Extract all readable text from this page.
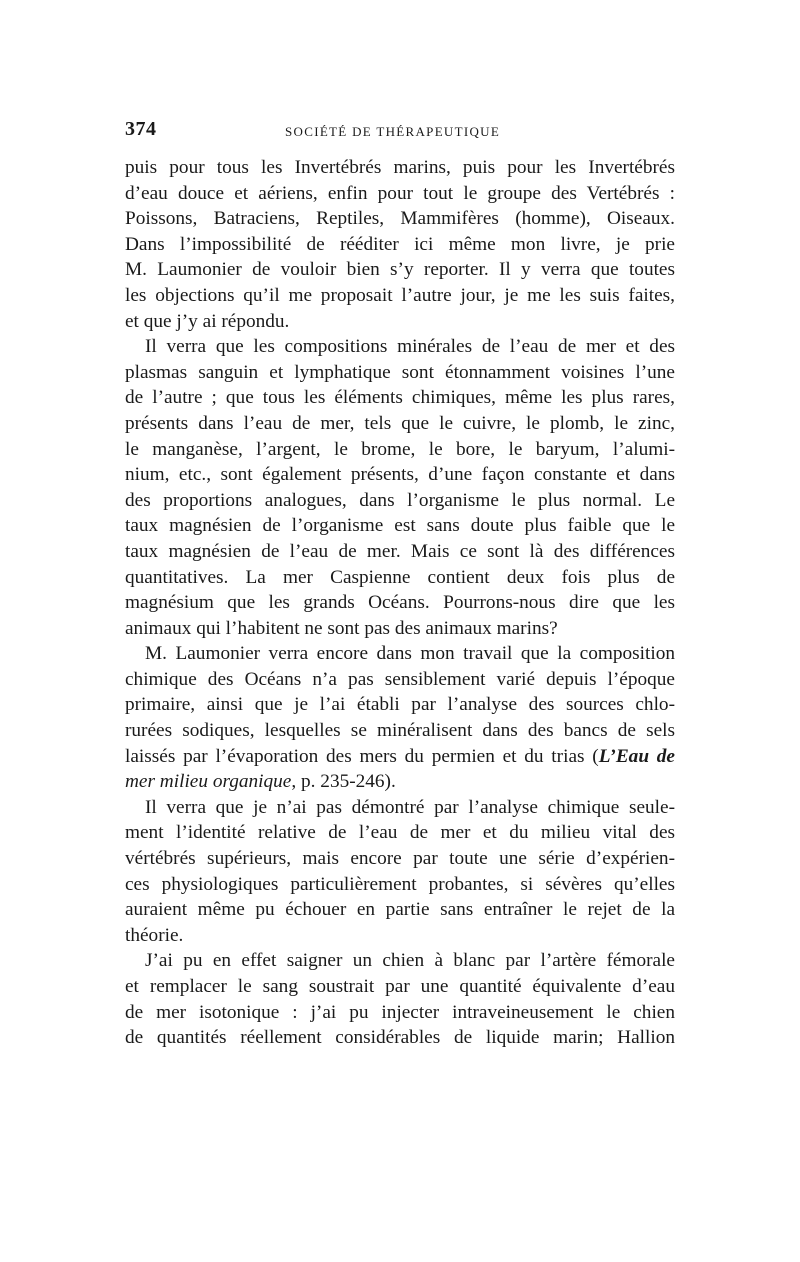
374	SOCIÉTÉ DE THÉRAPEUTIQUE
puis pour tous les Invertébrés marins, puis pour les Invertébrés
d’eau douce et aériens, enfin pour tout le groupe des Vertébrés :
Poissons, Batraciens, Reptiles, Mammifères (homme), Oiseaux.
Dans l’impossibilité de rééditer ici même mon livre, je prie
M. Laumonier de vouloir bien s’y reporter. Il y verra que toutes
les objections qu’il me proposait l’autre jour, je me les suis faites,
et que j’y ai répondu.
Il verra que les compositions minérales de l’eau de mer et des
plasmas sanguin et lymphatique sont étonnamment voisines l’une
de l’autre ; que tous les éléments chimiques, même les plus rares,
présents dans l’eau de mer, tels que le cuivre, le plomb, le zinc,
le manganèse, l’argent, le brome, le bore, le baryum, l’alumi-
nium, etc., sont également présents, d’une façon constante et dans
des proportions analogues, dans l’organisme le plus normal. Le
taux magnésien de l’organisme est sans doute plus faible que le
taux magnésien de l’eau de mer. Mais ce sont là des différences
quantitatives. La mer Caspienne contient deux fois plus de
magnésium que les grands Océans. Pourrons-nous dire que les
animaux qui l’habitent ne sont pas des animaux marins?
M. Laumonier verra encore dans mon travail que la composition
chimique des Océans n’a pas sensiblement varié depuis l’époque
primaire, ainsi que je l’ai établi par l’analyse des sources chlo-
rurées sodiques, lesquelles se minéralisent dans des bancs de sels
laissés par l’évaporation des mers du permien et du trias (L’Eau de
mer milieu organique, p. 235-246).
Il verra que je n’ai pas démontré par l’analyse chimique seule-
ment l’identité relative de l’eau de mer et du milieu vital des
vértébrés supérieurs, mais encore par toute une série d’expérien-
ces physiologiques particulièrement probantes, si sévères qu’elles
auraient même pu échouer en partie sans entraîner le rejet de la
théorie.
J’ai pu en effet saigner un chien à blanc par l’artère fémorale
et remplacer le sang soustrait par une quantité équivalente d’eau
de mer isotonique : j’ai pu injecter intraveineusement le chien
de quantités réellement considérables de liquide marin; Hallion
